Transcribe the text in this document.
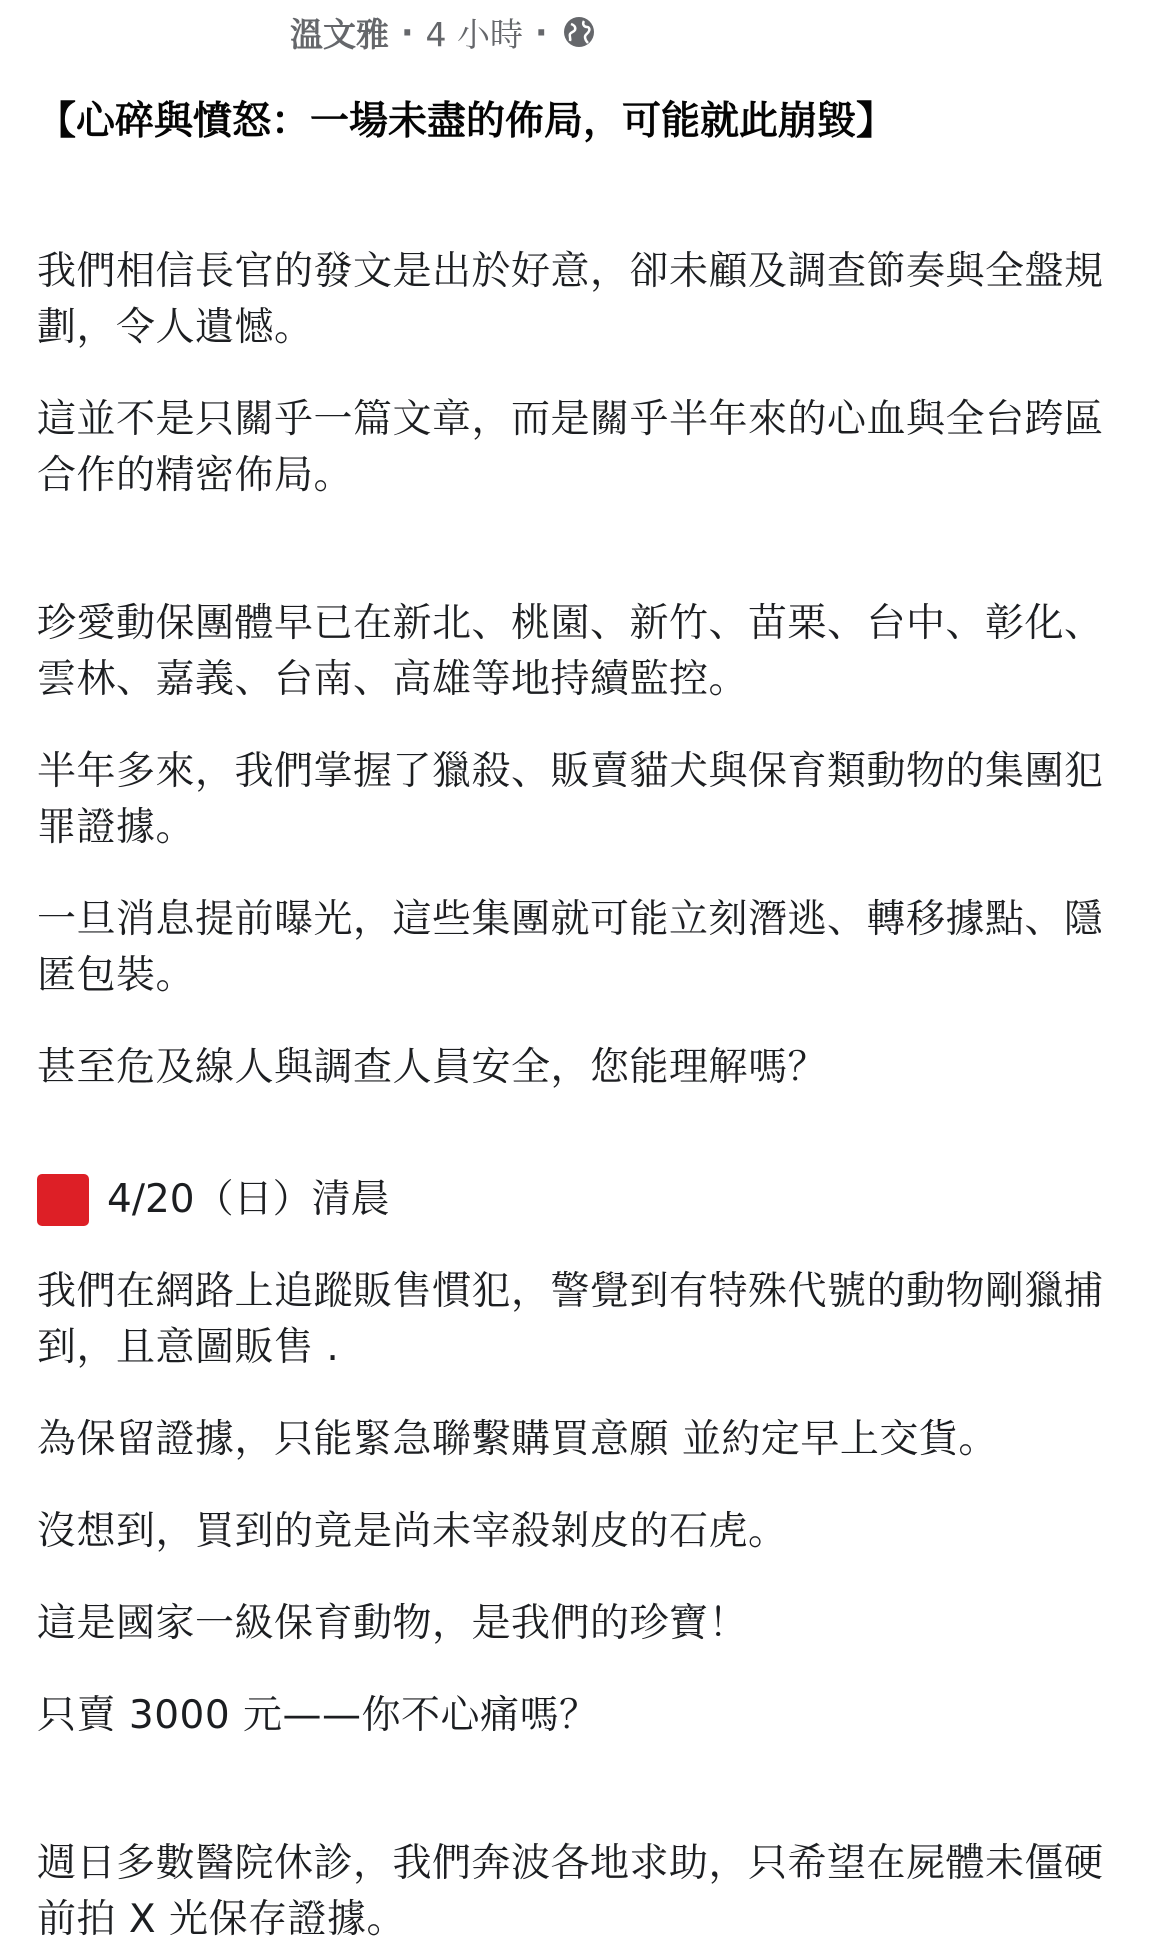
溫文雅 · 4 小時 ·

【心碎與憤怒：一場未盡的佈局，可能就此崩毀】

我們相信長官的發文是出於好意，卻未顧及調查節奏與全盤規劃，令人遺憾。

這並不是只關乎一篇文章，而是關乎半年來的心血與全台跨區合作的精密佈局。

珍愛動保團體早已在新北、桃園、新竹、苗栗、台中、彰化、雲林、嘉義、台南、高雄等地持續監控。

半年多來，我們掌握了獵殺、販賣貓犬與保育類動物的集團犯罪證據。

一旦消息提前曝光，這些集團就可能立刻潛逃、轉移據點、隱匿包裝。

甚至危及線人與調查人員安全，您能理解嗎？

4/20（日）清晨

我們在網路上追蹤販售慣犯，警覺到有特殊代號的動物剛獵捕到，且意圖販售 .

為保留證據，只能緊急聯繫購買意願 並約定早上交貨。

沒想到，買到的竟是尚未宰殺剝皮的石虎。

這是國家一級保育動物，是我們的珍寶！

只賣 3000 元——你不心痛嗎？

週日多數醫院休診，我們奔波各地求助，只希望在屍體未僵硬前拍 X 光保存證據。
